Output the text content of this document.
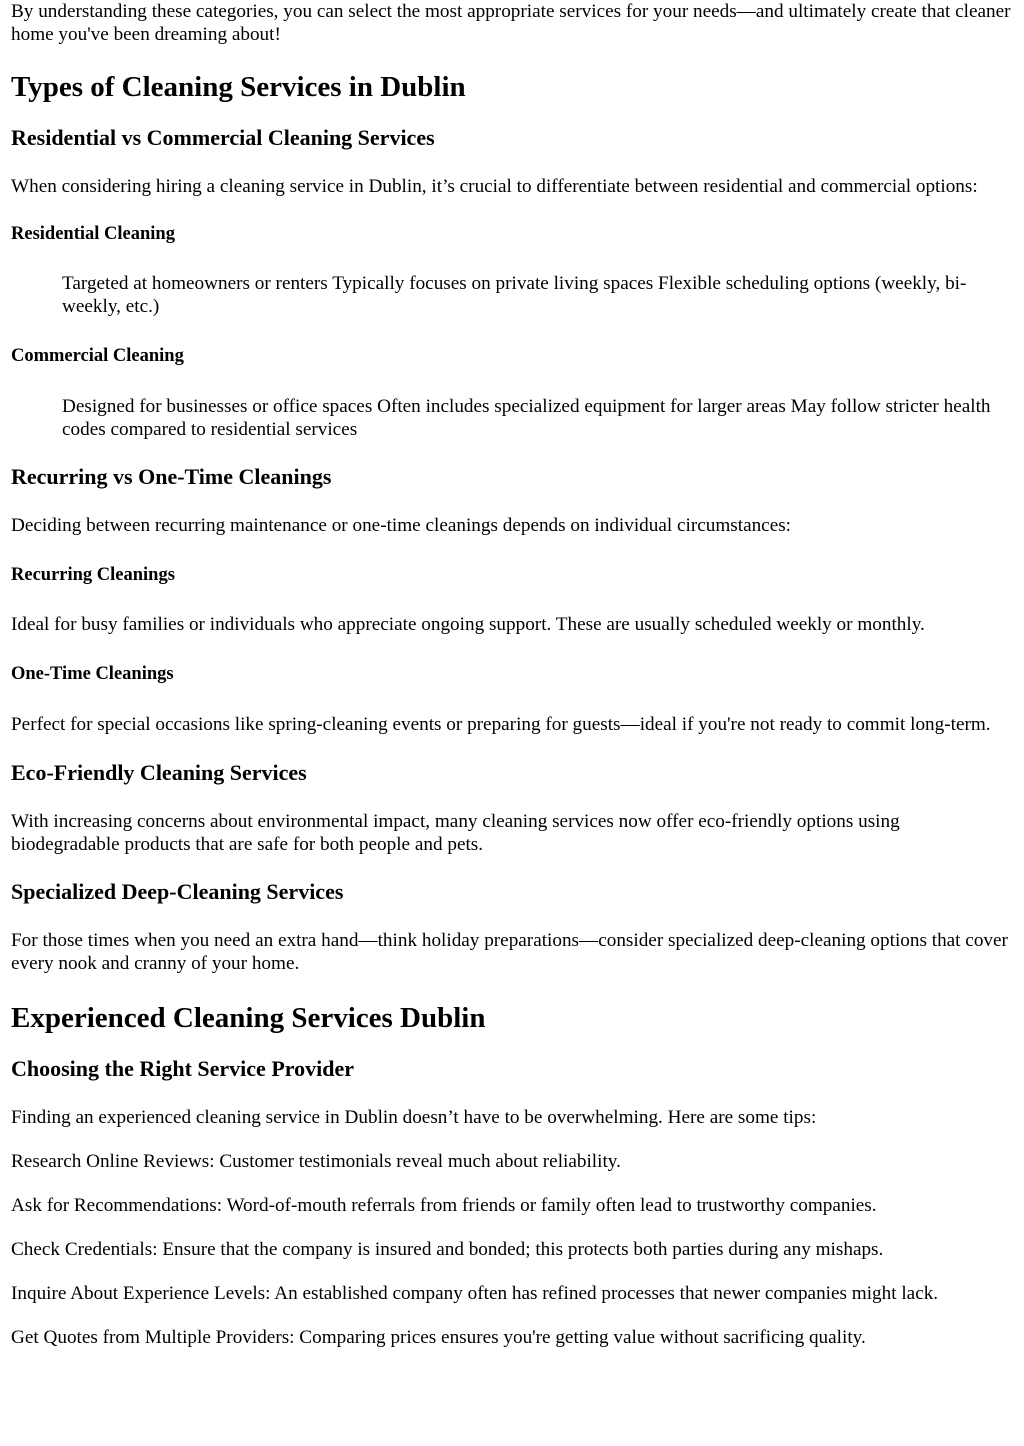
By understanding these categories, you can select the most appropriate services for your needs—and ultimately create that cleaner home you've been dreaming about!

Types of Cleaning Services in Dublin
Residential vs Commercial Cleaning Services

When considering hiring a cleaning service in Dublin, it’s crucial to differentiate between residential and commercial options:

Residential Cleaning
Targeted at homeowners or renters Typically focuses on private living spaces Flexible scheduling options (weekly, bi-weekly, etc.)
Commercial Cleaning
Designed for businesses or office spaces Often includes specialized equipment for larger areas May follow stricter health codes compared to residential services
Recurring vs One-Time Cleanings

Deciding between recurring maintenance or one-time cleanings depends on individual circumstances:

Recurring Cleanings

Ideal for busy families or individuals who appreciate ongoing support. These are usually scheduled weekly or monthly.

One-Time Cleanings

Perfect for special occasions like spring-cleaning events or preparing for guests—ideal if you're not ready to commit long-term.

Eco-Friendly Cleaning Services

With increasing concerns about environmental impact, many cleaning services now offer eco-friendly options using biodegradable products that are safe for both people and pets.

Specialized Deep-Cleaning Services

For those times when you need an extra hand—think holiday preparations—consider specialized deep-cleaning options that cover every nook and cranny of your home.

Experienced Cleaning Services Dublin
Choosing the Right Service Provider

Finding an experienced cleaning service in Dublin doesn’t have to be overwhelming. Here are some tips:

Research Online Reviews: Customer testimonials reveal much about reliability.

Ask for Recommendations: Word-of-mouth referrals from friends or family often lead to trustworthy companies.

Check Credentials: Ensure that the company is insured and bonded; this protects both parties during any mishaps.

Inquire About Experience Levels: An established company often has refined processes that newer companies might lack.

Get Quotes from Multiple Providers: Comparing prices ensures you're getting value without sacrificing quality.
